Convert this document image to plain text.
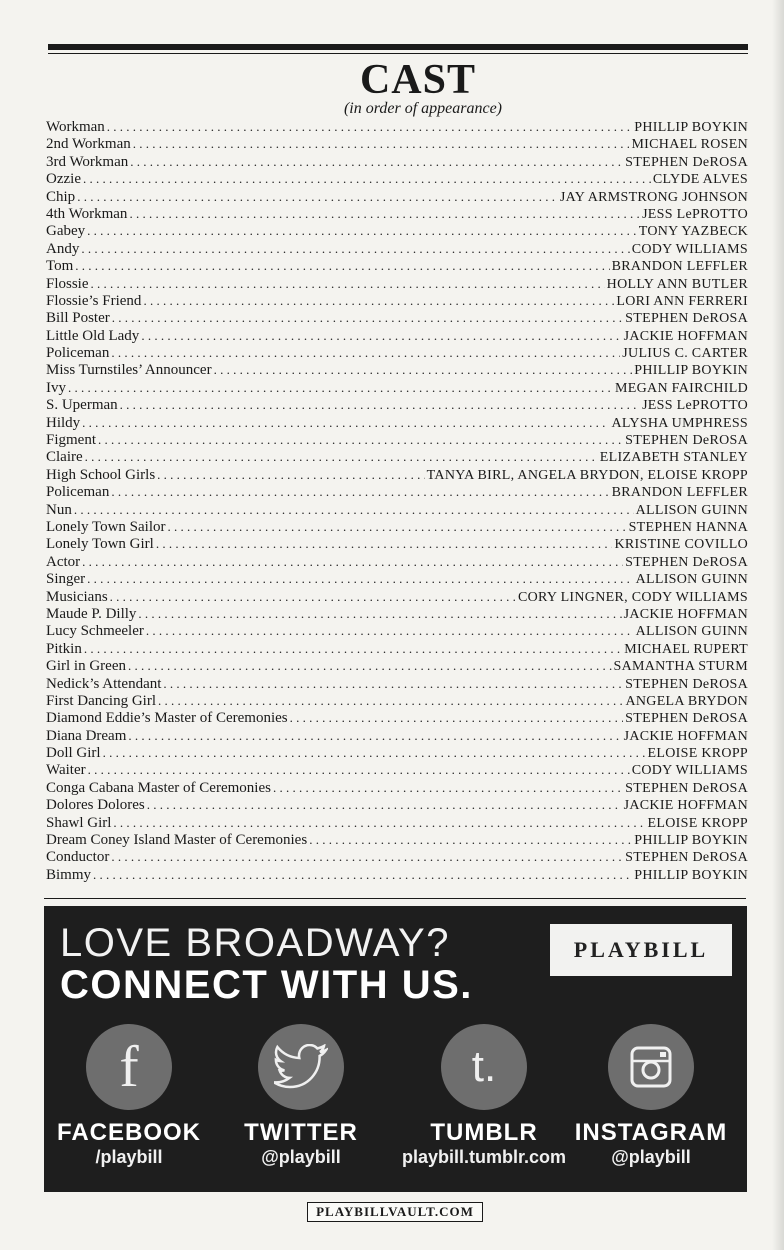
CAST
(in order of appearance)
Workman . . .	PHILLIP BOYKIN
2nd Workman . . .	MICHAEL ROSEN
3rd Workman . . .	STEPHEN DeROSA
Ozzie . . .	CLYDE ALVES
Chip . . .	JAY ARMSTRONG JOHNSON
4th Workman . . .	JESS LePROTTO
Gabey . . .	TONY YAZBECK
Andy . . .	CODY WILLIAMS
Tom . . .	BRANDON LEFFLER
Flossie . . .	HOLLY ANN BUTLER
Flossie’s Friend . . .	LORI ANN FERRERI
Bill Poster . . .	STEPHEN DeROSA
Little Old Lady . . .	JACKIE HOFFMAN
Policeman . . .	JULIUS C. CARTER
Miss Turnstiles’ Announcer . . .	PHILLIP BOYKIN
Ivy . . .	MEGAN FAIRCHILD
S. Uperman . . .	JESS LePROTTO
Hildy . . .	ALYSHA UMPHRESS
Figment . . .	STEPHEN DeROSA
Claire . . .	ELIZABETH STANLEY
High School Girls . . .	TANYA BIRL, ANGELA BRYDON, ELOISE KROPP
Policeman . . .	BRANDON LEFFLER
Nun . . .	ALLISON GUINN
Lonely Town Sailor . . .	STEPHEN HANNA
Lonely Town Girl . . .	KRISTINE COVILLO
Actor . . .	STEPHEN DeROSA
Singer . . .	ALLISON GUINN
Musicians . . .	CORY LINGNER, CODY WILLIAMS
Maude P. Dilly . . .	JACKIE HOFFMAN
Lucy Schmeeler . . .	ALLISON GUINN
Pitkin . . .	MICHAEL RUPERT
Girl in Green . . .	SAMANTHA STURM
Nedick’s Attendant . . .	STEPHEN DeROSA
First Dancing Girl . . .	ANGELA BRYDON
Diamond Eddie’s Master of Ceremonies . . .	STEPHEN DeROSA
Diana Dream . . .	JACKIE HOFFMAN
Doll Girl . . .	ELOISE KROPP
Waiter . . .	CODY WILLIAMS
Conga Cabana Master of Ceremonies . . .	STEPHEN DeROSA
Dolores Dolores . . .	JACKIE HOFFMAN
Shawl Girl . . .	ELOISE KROPP
Dream Coney Island Master of Ceremonies . . .	PHILLIP BOYKIN
Conductor . . .	STEPHEN DeROSA
Bimmy . . .	PHILLIP BOYKIN
LOVE BROADWAY?
CONNECT WITH US.
PLAYBILL
f
FACEBOOK
/playbill
TWITTER
@playbill
t.
TUMBLR
playbill.tumblr.com
INSTAGRAM
@playbill
PLAYBILLVAULT.COM
